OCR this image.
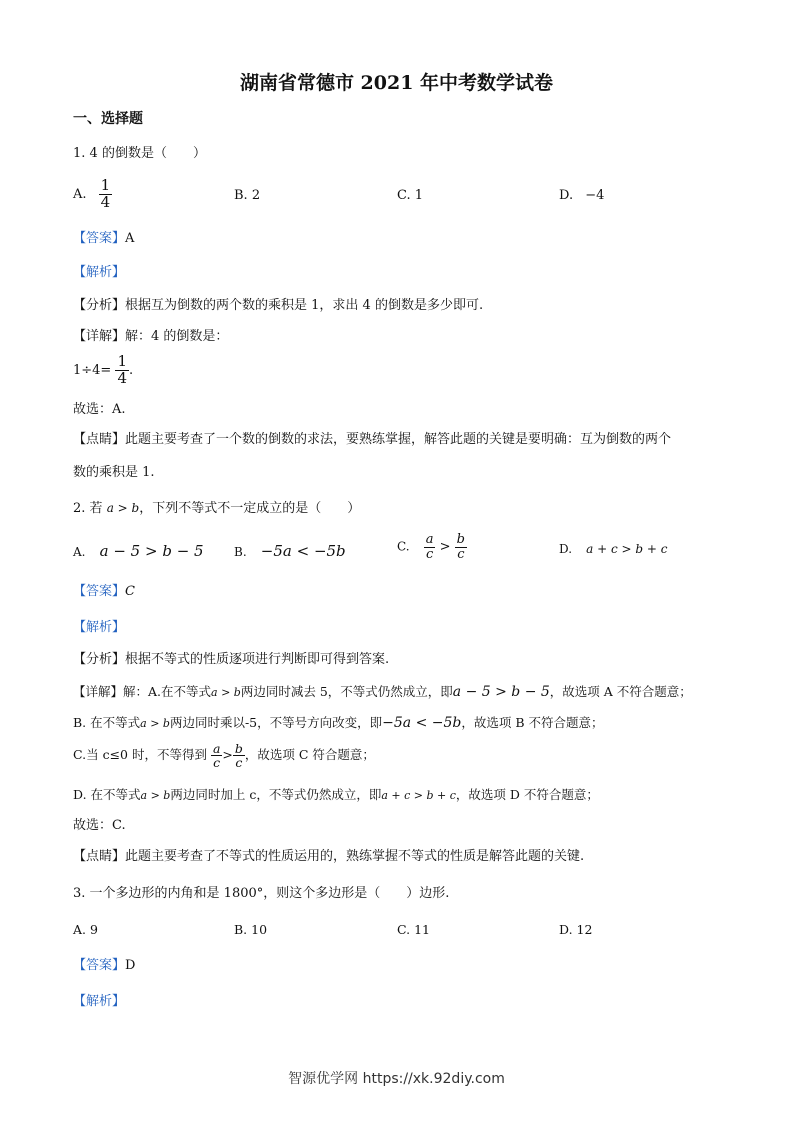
湖南省常德市 2021 年中考数学试卷
一、选择题
1. 4 的倒数是（　　）
A. $\frac{1}{4}$	B. 2	C. 1	D. −4
【答案】A
【解析】
【分析】根据互为倒数的两个数的乘积是 1，求出 4 的倒数是多少即可.
【详解】解：4 的倒数是：
$1\div 4= \frac{1}{4}$ .
故选：A.
【点睛】此题主要考查了一个数的倒数的求法，要熟练掌握，解答此题的关键是要明确：互为倒数的两个
数的乘积是 1.
2. 若 a > b，下列不等式不一定成立的是（　　）
A. a − 5 > b − 5	B. −5a < −5b	C. $\frac{a}{c} > \frac{b}{c}$	D. a + c > b + c
【答案】C
【解析】
【分析】根据不等式的性质逐项进行判断即可得到答案.
【详解】解：A.在不等式a > b两边同时减去 5，不等式仍然成立，即a − 5 > b − 5，故选项 A 不符合题意；
B. 在不等式a > b两边同时乘以-5，不等号方向改变，即−5a < −5b，故选项 B 不符合题意；
C.当 c≤0 时，不等得到 $\frac{a}{c} > \frac{b}{c}$ ，故选项 C 符合题意；
D. 在不等式a > b两边同时加上 c，不等式仍然成立，即a + c > b + c，故选项 D 不符合题意；
故选：C.
【点睛】此题主要考查了不等式的性质运用的，熟练掌握不等式的性质是解答此题的关键.
3. 一个多边形的内角和是 1800°，则这个多边形是（　　）边形.
A. 9	B. 10	C. 11	D. 12
【答案】D
【解析】
智源优学网 https://xk.92diy.com
